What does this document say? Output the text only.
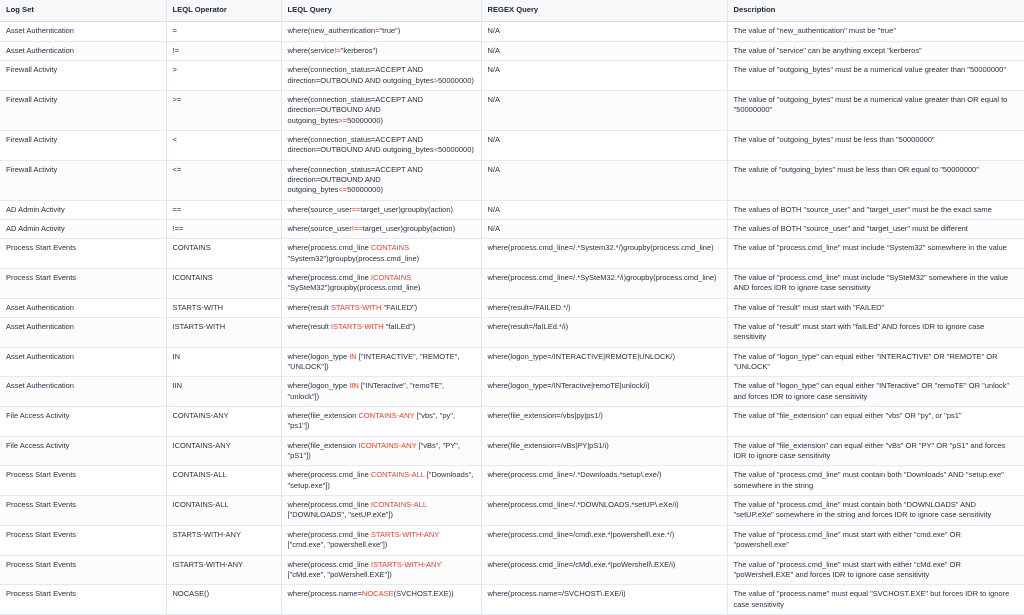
Log Set	LEQL Operator	LEQL Query	REGEX Query	Description
Asset Authentication	=	where(new_authentication="true")	N/A	The value of "new_authentication" must be "true"
Asset Authentication	!=	where(service!="kerberos")	N/A	The value of "service" can be anything except "kerberos"
Firewall Activity	>	where(connection_status=ACCEPT AND direction=OUTBOUND AND outgoing_bytes>50000000)	N/A	The value of "outgoing_bytes" must be a numerical value greater than "50000000"
Firewall Activity	>=	where(connection_status=ACCEPT AND direction=OUTBOUND AND outgoing_bytes>=50000000)	N/A	The value of "outgoing_bytes" must be a numerical value greater than OR equal to "50000000"
Firewall Activity	<	where(connection_status=ACCEPT AND direction=OUTBOUND AND outgoing_bytes<50000000)	N/A	The value of "outgoing_bytes" must be less than "50000000"
Firewall Activity	<=	where(connection_status=ACCEPT AND direction=OUTBOUND AND outgoing_bytes<=50000000)	N/A	The valute of "outgoing_bytes" must be less than OR equal to "50000000"
AD Admin Activity	==	where(source_user==target_user)groupby(action)	N/A	The values of BOTH "source_user" and "target_user" must be the exact same
AD Admin Activity	!==	where(source_user!==target_user)groupby(action)	N/A	The values of BOTH "source_user" and "target_user" must be different
Process Start Events	CONTAINS	where(process.cmd_line CONTAINS "System32")groupby(process.cmd_line)	where(process.cmd_line=/.*System32.*/)groupby(process.cmd_line)	The value of "process.cmd_line" must include "System32" somewhere in the value
Process Start Events	ICONTAINS	where(process.cmd_line ICONTAINS "SySteM32")groupby(process.cmd_line)	where(process.cmd_line=/.*SySteM32.*/i)groupby(process.cmd_line)	The value of "process.cmd_line" must include "SySteM32" somewhere in the value AND forces IDR to ignore case sensitivity
Asset Authentication	STARTS-WITH	where(result STARTS-WITH "FAILED")	where(result=/FAILED.*/)	The value of "result" must start with "FAILED"
Asset Authentication	ISTARTS-WITH	where(result ISTARTS-WITH "faILEd")	where(result=/faILEd.*/i)	The value of "result" must start with "faILEd" AND forces IDR to ignore case sensitivity
Asset Authentication	IN	where(logon_type IN ["INTERACTIVE", "REMOTE", "UNLOCK"])	where(logon_type=/INTERACTIVE|REMOTE|UNLOCK/)	The value of "logon_type" can equal either "INTERACTIVE" OR "REMOTE" OR "UNLOCK"
Asset Authentication	IIN	where(logon_type IIN ["INTeractive", "remoTE", "unlock"])	where(logon_type=/INTeractive|remoTE|unlock/i)	The value of "logon_type" can equal either "INTeractive" OR "remoTE" OR "unlock" and forces IDR to ignore case sensitivity
File Access Activity	CONTAINS-ANY	where(file_extension CONTAINS-ANY ["vbs", "py", "ps1"])	where(file_extension=/vbs|py|ps1/)	The value of "file_extension" can equal either "vbs" OR "py", or "ps1"
File Access Activity	ICONTAINS-ANY	where(file_extension ICONTAINS-ANY ["vBs", "PY", "pS1"])	where(file_extension=/vBs|PY|pS1/i)	The value of "file_extension" can equal either "vBs" OR "PY" OR "pS1" and forces IDR to ignore case sensitivity
Process Start Events	CONTAINS-ALL	where(process.cmd_line CONTAINS-ALL ["Downloads", "setup.exe"])	where(process.cmd_line=/.*Downloads.*setup\.exe/)	The value of "process.cmd_line" must contain both "Downloads" AND "setup.exe" somewhere in the string
Process Start Events	ICONTAINS-ALL	where(process.cmd_line ICONTAINS-ALL ["DOWNLOADS", "setUP.eXe"])	where(process.cmd_line=/.*DOWNLOADS.*setUP\.eXe/i)	The value of "process.cmd_line" must contain both "DOWNLOADS" AND "setUP.eXe" somewhere in the string and forces IDR to ignore case sensitivity
Process Start Events	STARTS-WITH-ANY	where(process.cmd_line STARTS-WITH-ANY ["cmd.exe", "powershell.exe"])	where(process.cmd_line=/cmd\.exe.*|powershell\.exe.*/)	The value of "process.cmd_line" must start with either "cmd.exe" OR "powershell.exe"
Process Start Events	ISTARTS-WITH-ANY	where(process.cmd_line ISTARTS-WITH-ANY ["cMd.exe", "poWershell.EXE"])	where(process.cmd_line=/cMd\.exe.*|poWershell\.EXE/i)	The value of "process.cmd_line" must start with either "cMd.exe" OR "poWershell.EXE" and forces IDR to ignore case sensitivity
Process Start Events	NOCASE()	where(process.name=NOCASE(SVCHOST.EXE))	where(process.name=/SVCHOST\.EXE/i)	The value of "process.name" must equal "SVCHOST.EXE" but forces IDR to ignore case sensitivity
